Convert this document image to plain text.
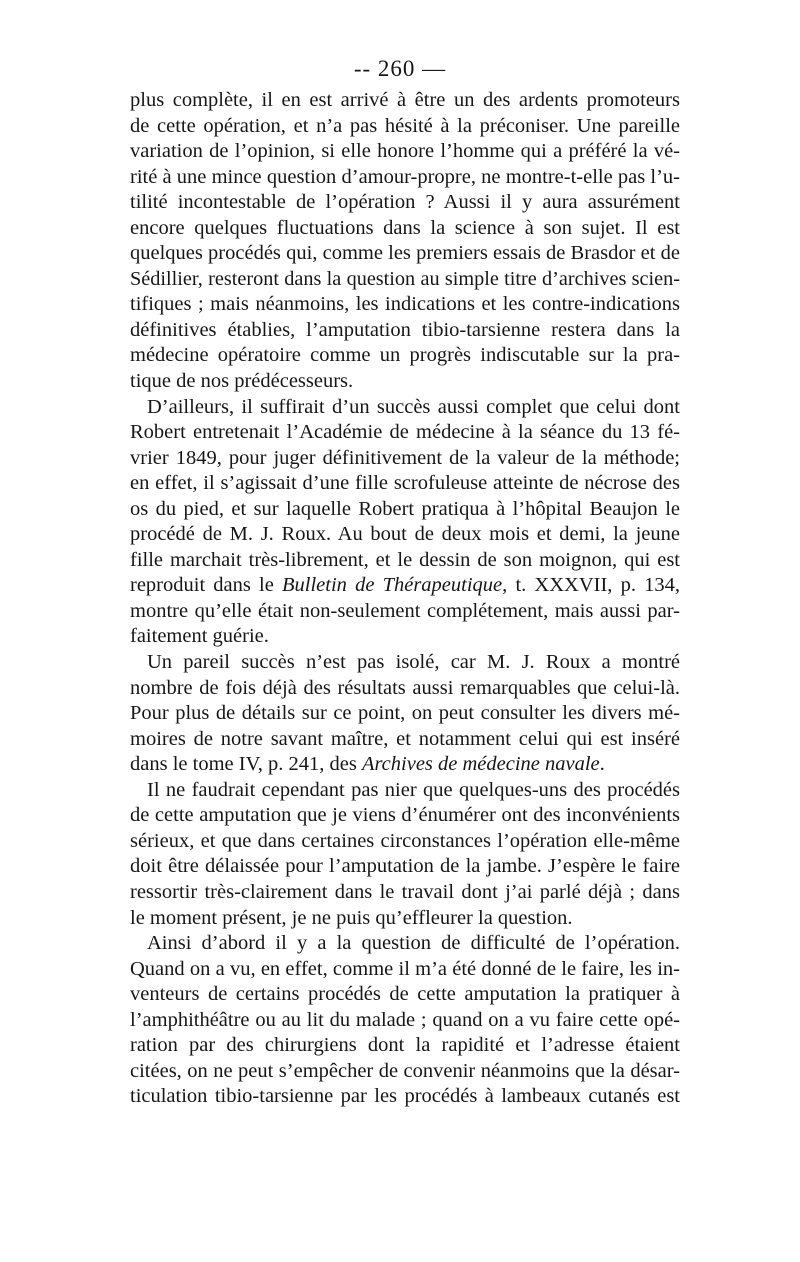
-- 260 —
plus complète, il en est arrivé à être un des ardents promoteurs
de cette opération, et n’a pas hésité à la préconiser. Une pareille
variation de l’opinion, si elle honore l’homme qui a préféré la vé-
rité à une mince question d’amour-propre, ne montre-t-elle pas l’u-
tilité incontestable de l’opération ? Aussi il y aura assurément
encore quelques fluctuations dans la science à son sujet. Il est
quelques procédés qui, comme les premiers essais de Brasdor et de
Sédillier, resteront dans la question au simple titre d’archives scien-
tifiques ; mais néanmoins, les indications et les contre-indications
définitives établies, l’amputation tibio-tarsienne restera dans la
médecine opératoire comme un progrès indiscutable sur la pra-
tique de nos prédécesseurs.
D’ailleurs, il suffirait d’un succès aussi complet que celui dont
Robert entretenait l’Académie de médecine à la séance du 13 fé-
vrier 1849, pour juger définitivement de la valeur de la méthode;
en effet, il s’agissait d’une fille scrofuleuse atteinte de nécrose des
os du pied, et sur laquelle Robert pratiqua à l’hôpital Beaujon le
procédé de M. J. Roux. Au bout de deux mois et demi, la jeune
fille marchait très-librement, et le dessin de son moignon, qui est
reproduit dans le Bulletin de Thérapeutique, t. XXXVII, p. 134,
montre qu’elle était non-seulement complétement, mais aussi par-
faitement guérie.
Un pareil succès n’est pas isolé, car M. J. Roux a montré
nombre de fois déjà des résultats aussi remarquables que celui-là.
Pour plus de détails sur ce point, on peut consulter les divers mé-
moires de notre savant maître, et notamment celui qui est inséré
dans le tome IV, p. 241, des Archives de médecine navale.
Il ne faudrait cependant pas nier que quelques-uns des procédés
de cette amputation que je viens d’énumérer ont des inconvénients
sérieux, et que dans certaines circonstances l’opération elle-même
doit être délaissée pour l’amputation de la jambe. J’espère le faire
ressortir très-clairement dans le travail dont j’ai parlé déjà ; dans
le moment présent, je ne puis qu’effleurer la question.
Ainsi d’abord il y a la question de difficulté de l’opération.
Quand on a vu, en effet, comme il m’a été donné de le faire, les in-
venteurs de certains procédés de cette amputation la pratiquer à
l’amphithéâtre ou au lit du malade ; quand on a vu faire cette opé-
ration par des chirurgiens dont la rapidité et l’adresse étaient
citées, on ne peut s’empêcher de convenir néanmoins que la désar-
ticulation tibio-tarsienne par les procédés à lambeaux cutanés est
